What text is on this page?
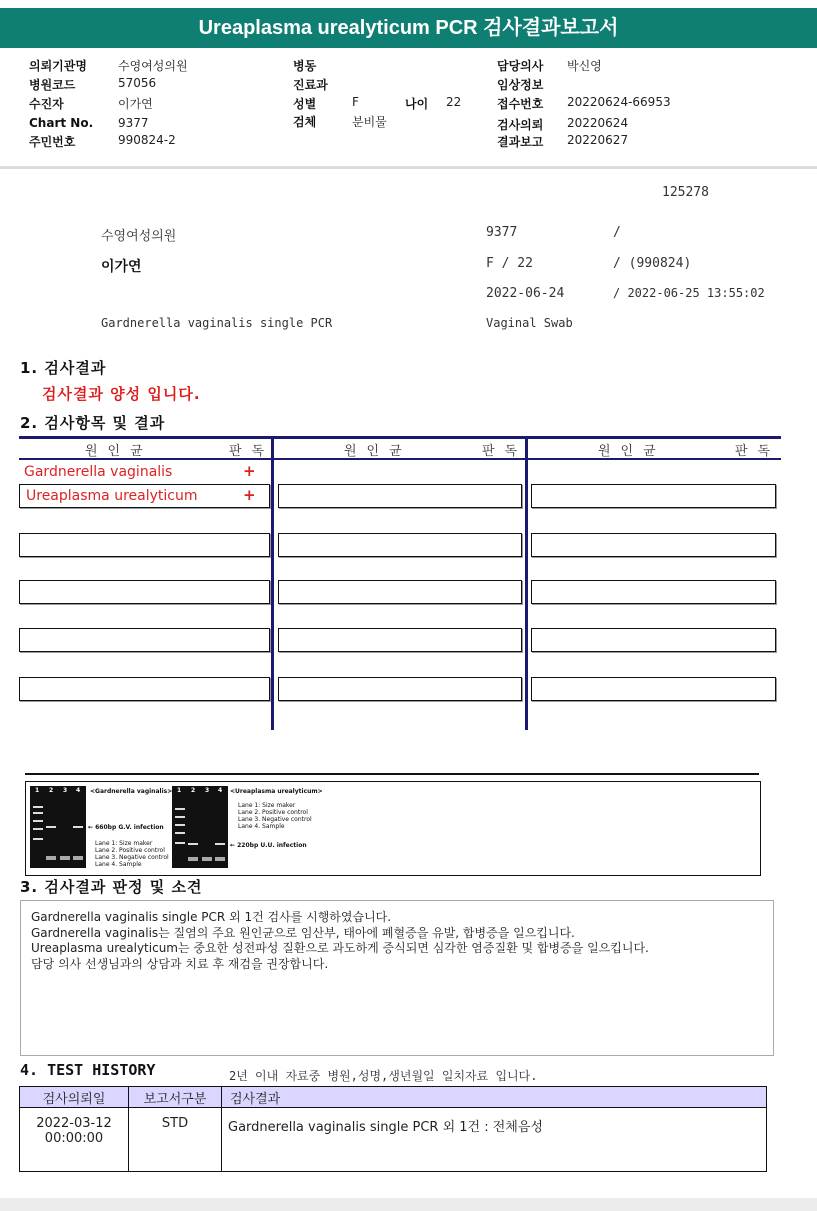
Ureaplasma urealyticum PCR 검사결과보고서
의뢰기관명	수영여성의원
병원코드	57056
수진자	이가연
Chart No. 9377
주민번호	990824-2
병동
진료과
성별	F	나이 22
검체	분비물
담당의사 박신영
임상정보
접수번호 20220624-66953
검사의뢰 20220624
결과보고 20220627
125278
수영여성의원	9377	/
이가연	F / 22	/ (990824)
2022-06-24	/ 2022-06-25 13:55:02
Gardnerella vaginalis single PCR	Vaginal Swab
1. 검사결과
검사결과 양성 입니다.
2. 검사항목 및 결과
원인균	판독	원인균	판독	원인균	판독
Gardnerella vaginalis	+
Ureaplasma urealyticum	+
1 2 3 4 <Gardnerella vaginalis>
← 660bp G.V. infection
Lane 1: Size maker
Lane 2. Positive control
Lane 3. Negative control
Lane 4. Sample
1 2 3 4 <Ureaplasma urealyticum>
Lane 1: Size maker
Lane 2. Positive control
Lane 3. Negative control
Lane 4. Sample
← 220bp U.U. infection
3. 검사결과 판정 및 소견
Gardnerella vaginalis single PCR 외 1건 검사를 시행하였습니다.
Gardnerella vaginalis는 질염의 주요 원인균으로 임산부, 태아에 폐혈증을 유발, 합병증을 일으킵니다.
Ureaplasma urealyticum는 중요한 성전파성 질환으로 과도하게 증식되면 심각한 염증질환 및 합병증을 일으킵니다.
담당 의사 선생님과의 상담과 치료 후 재검을 권장합니다.
4. TEST HISTORY	2년 이내 자료중 병원,성명,생년월일 일치자료 입니다.
검사의뢰일	보고서구분	검사결과

2022-03-12
00:00:00	STD	Gardnerella vaginalis single PCR 외 1건 : 전체음성
